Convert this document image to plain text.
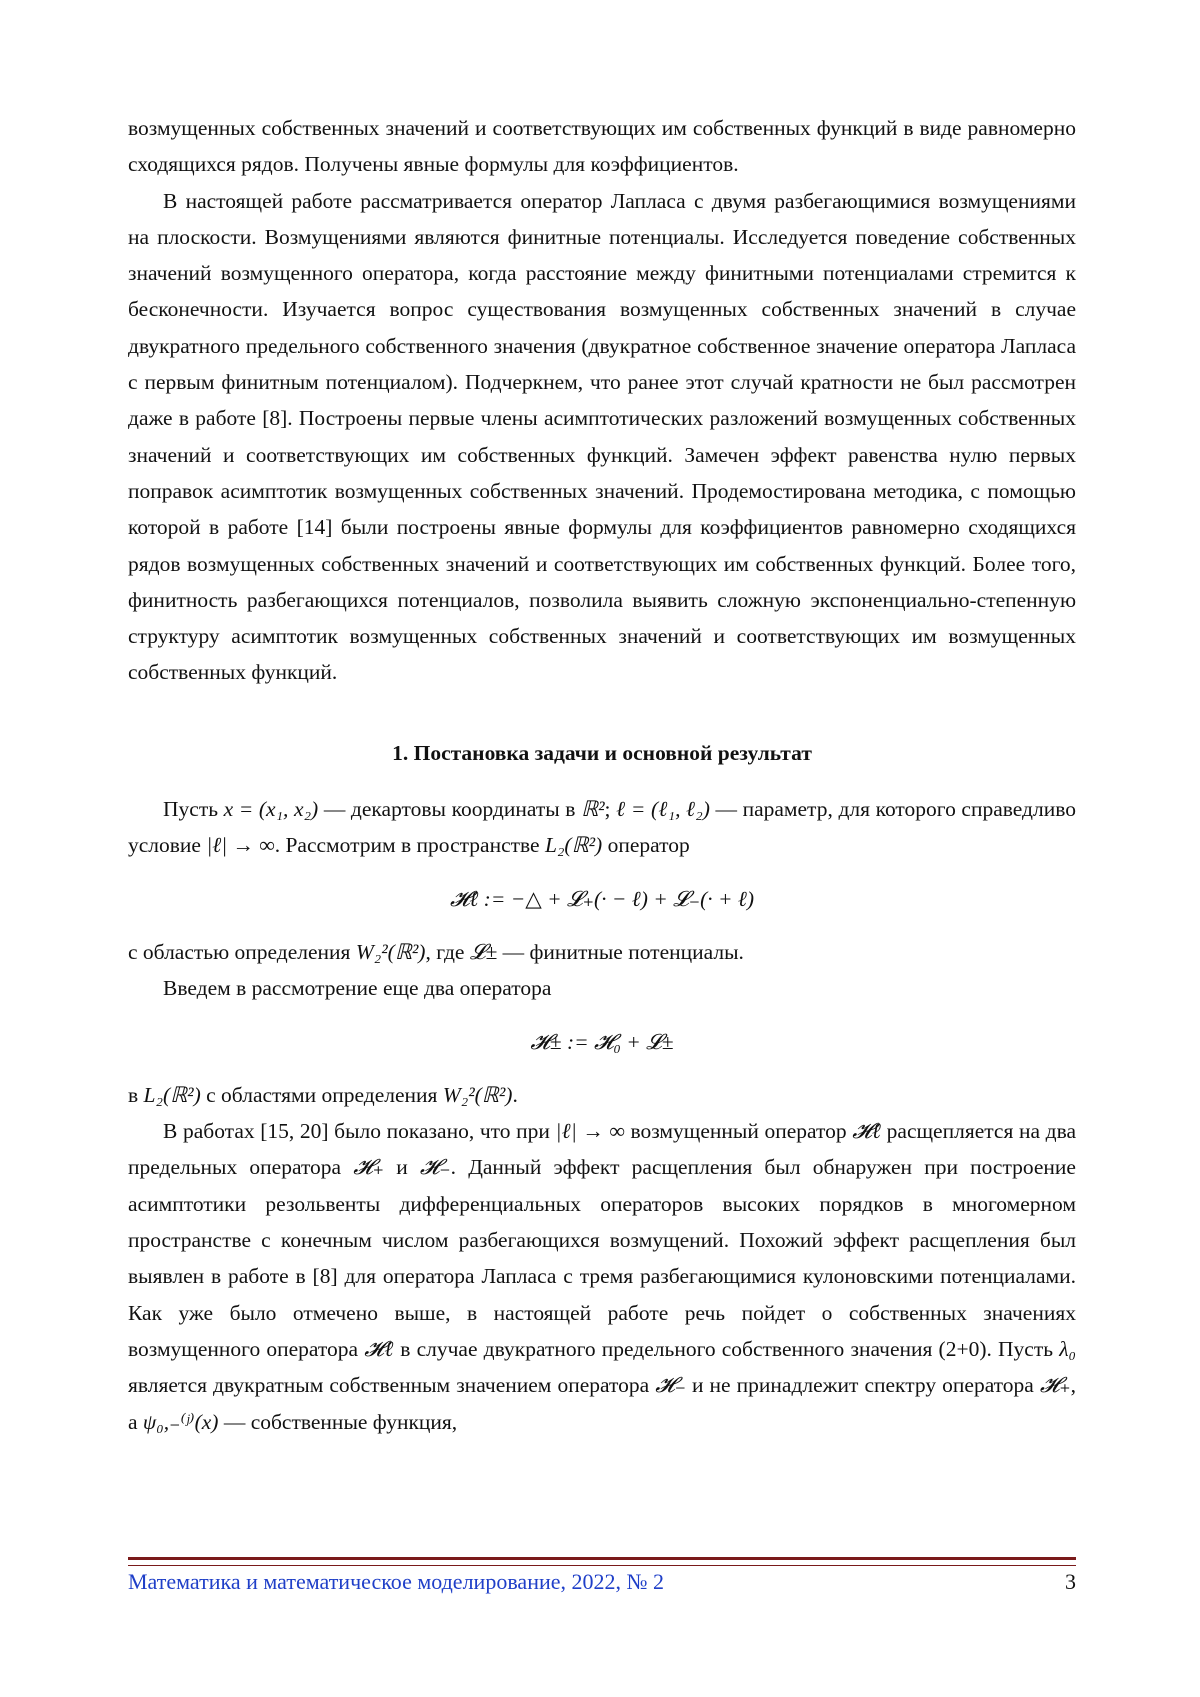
возмущенных собственных значений и соответствующих им собственных функций в виде равномерно сходящихся рядов. Получены явные формулы для коэффициентов.

В настоящей работе рассматривается оператор Лапласа с двумя разбегающимися возмущениями на плоскости. Возмущениями являются финитные потенциалы. Исследуется поведение собственных значений возмущенного оператора, когда расстояние между финитными потенциалами стремится к бесконечности. Изучается вопрос существования возмущенных собственных значений в случае двукратного предельного собственного значения (двукратное собственное значение оператора Лапласа с первым финитным потенциалом). Подчеркнем, что ранее этот случай кратности не был рассмотрен даже в работе [8]. Построены первые члены асимптотических разложений возмущенных собственных значений и соответствующих им собственных функций. Замечен эффект равенства нулю первых поправок асимптотик возмущенных собственных значений. Продемостирована методика, с помощью которой в работе [14] были построены явные формулы для коэффициентов равномерно сходящихся рядов возмущенных собственных значений и соответствующих им собственных функций. Более того, финитность разбегающихся потенциалов, позволила выявить сложную экспоненциально-степенную структуру асимптотик возмущенных собственных значений и соответствующих им возмущенных собственных функций.

1. Постановка задачи и основной результат

Пусть x = (x₁, x₂) — декартовы координаты в ℝ²; ℓ = (ℓ₁, ℓ₂) — параметр, для которого справедливо условие |ℓ| → ∞. Рассмотрим в пространстве L₂(ℝ²) оператор

𝓗ℓ := −△ + 𝓛₊(· − ℓ) + 𝓛₋(· + ℓ)

с областью определения W₂²(ℝ²), где 𝓛± — финитные потенциалы.

Введем в рассмотрение еще два оператора

𝓗± := 𝓗₀ + 𝓛±

в L₂(ℝ²) с областями определения W₂²(ℝ²).

В работах [15, 20] было показано, что при |ℓ| → ∞ возмущенный оператор 𝓗ℓ расщепляется на два предельных оператора 𝓗₊ и 𝓗₋. Данный эффект расщепления был обнаружен при построение асимптотики резольвенты дифференциальных операторов высоких порядков в многомерном пространстве с конечным числом разбегающихся возмущений. Похожий эффект расщепления был выявлен в работе в [8] для оператора Лапласа с тремя разбегающимися кулоновскими потенциалами. Как уже было отмечено выше, в настоящей работе речь пойдет о собственных значениях возмущенного оператора 𝓗ℓ в случае двукратного предельного собственного значения (2+0). Пусть λ₀ является двукратным собственным значением оператора 𝓗₋ и не принадлежит спектру оператора 𝓗₊, а ψ₀,₋⁽ʲ⁾(x) — собственные функция,

Математика и математическое моделирование, 2022, № 2	3
